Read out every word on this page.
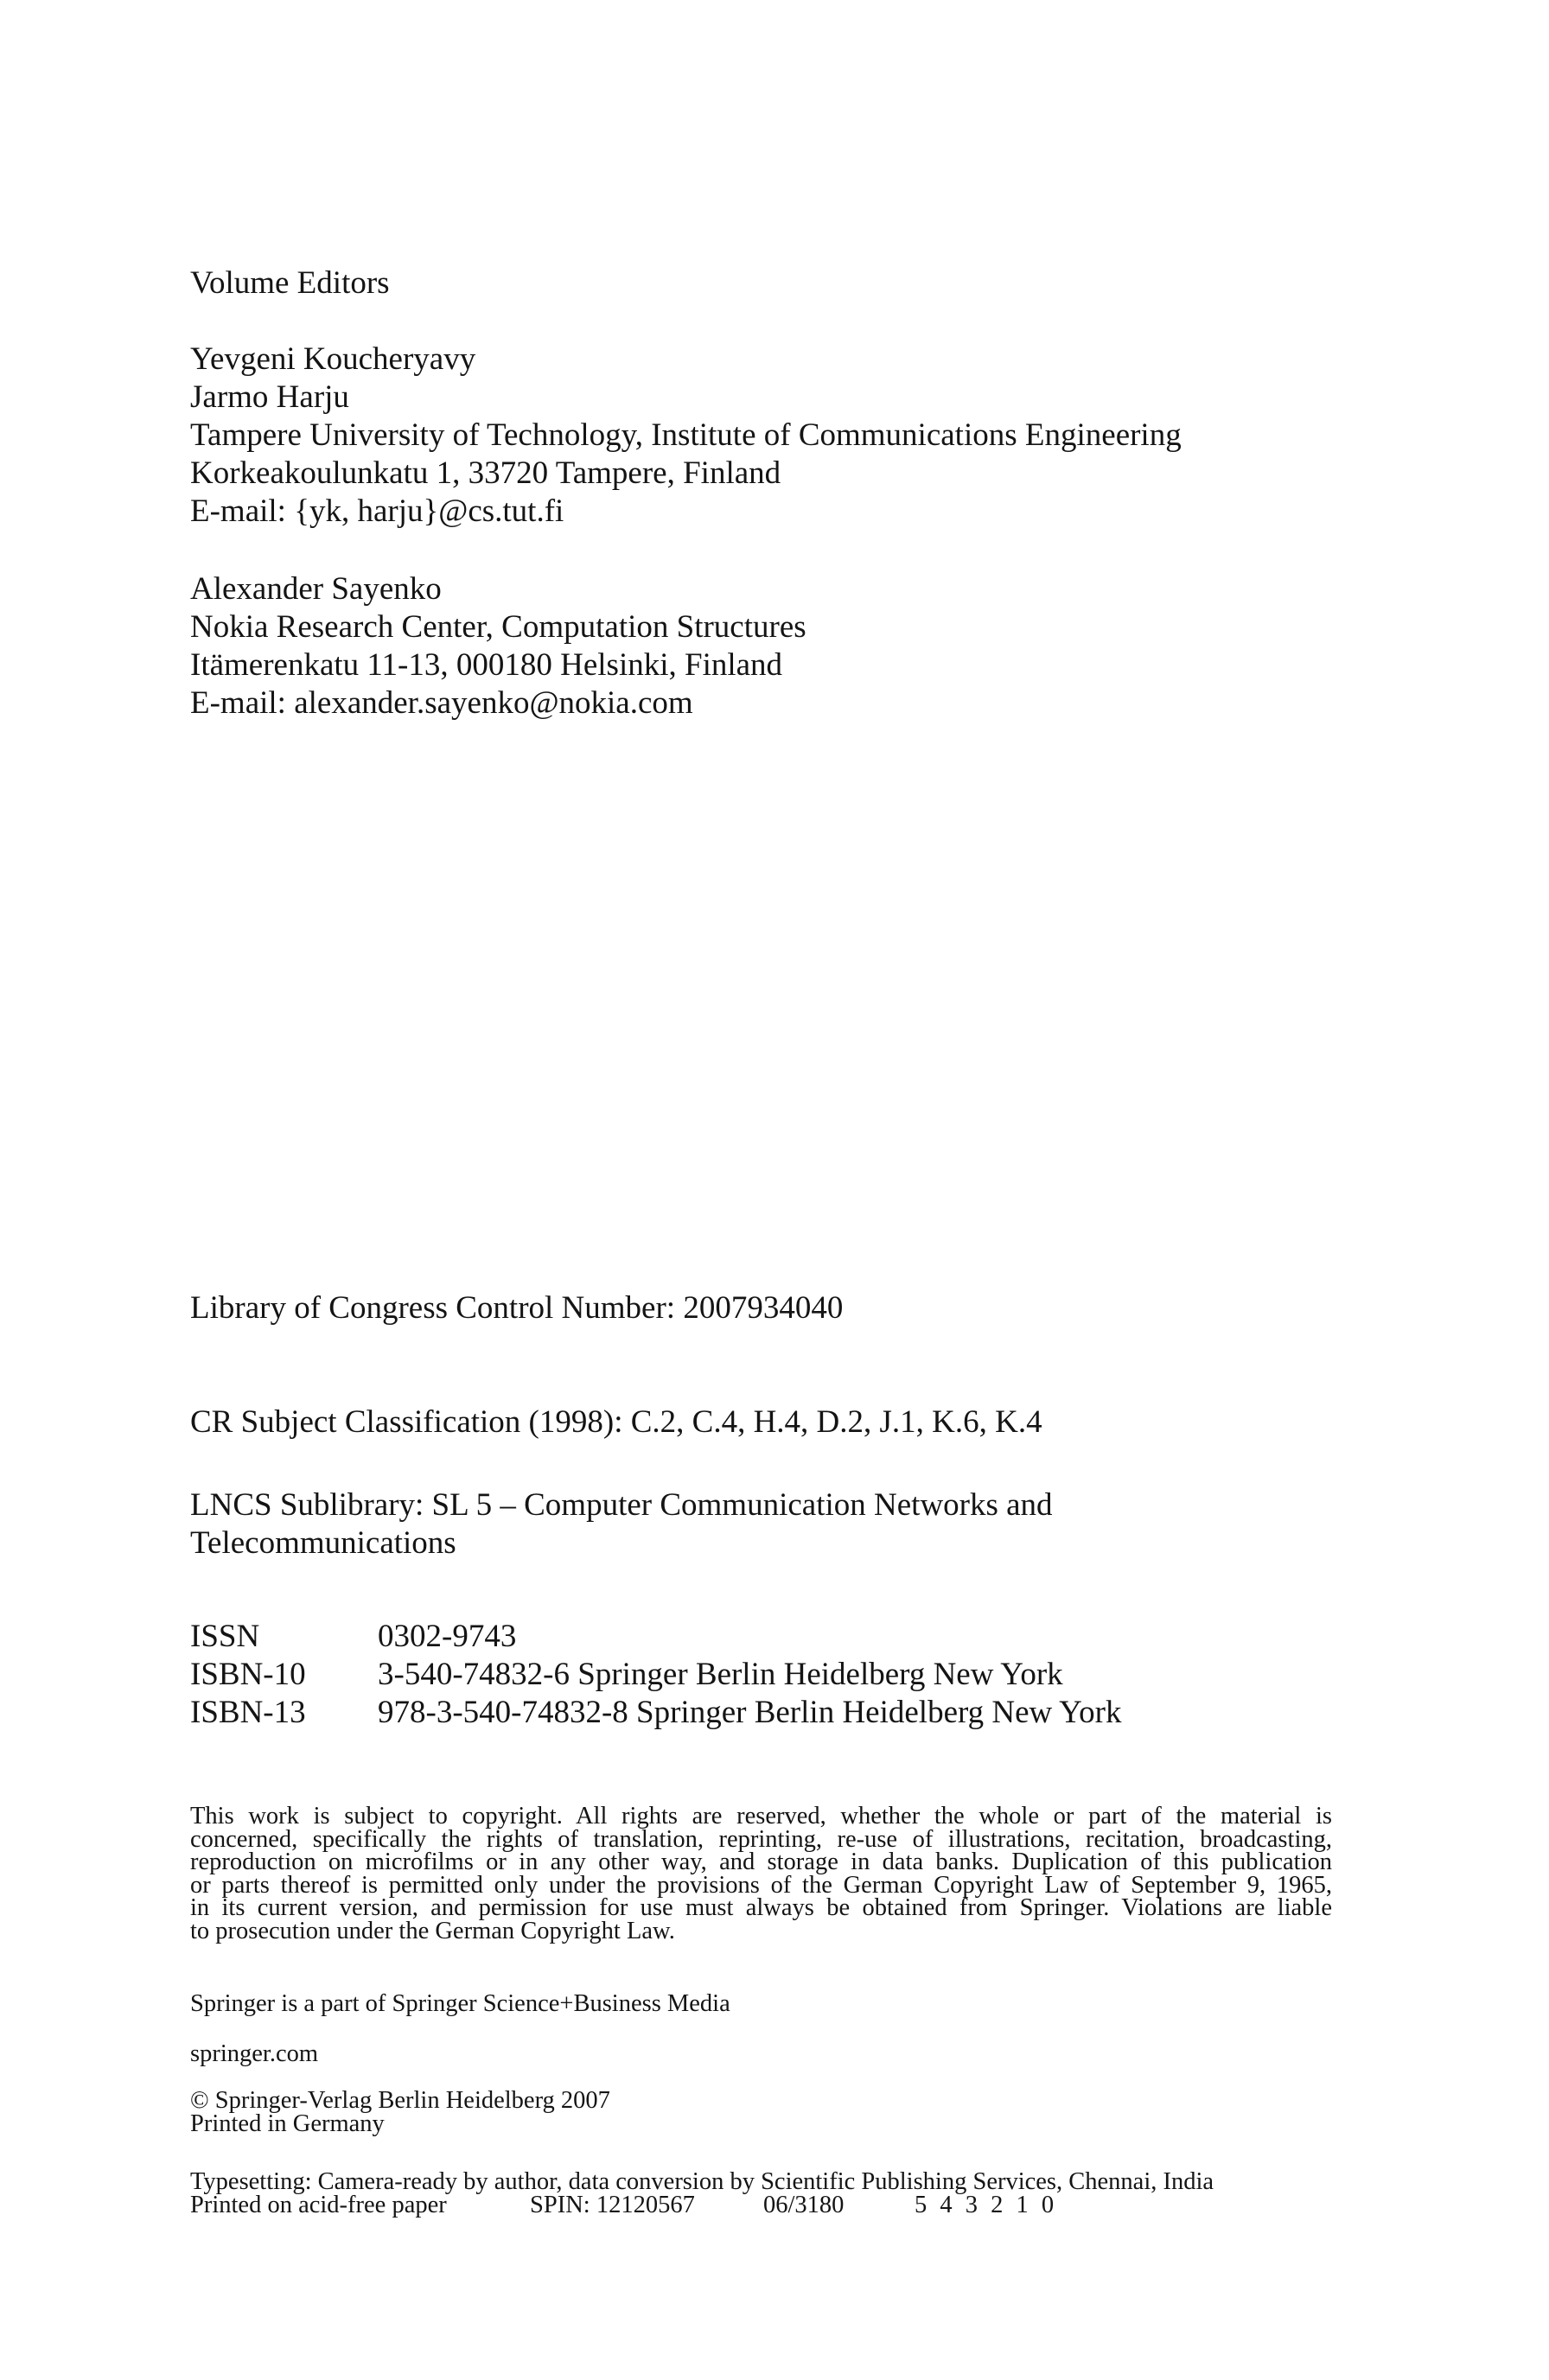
Volume Editors
Yevgeni Koucheryavy
Jarmo Harju
Tampere University of Technology, Institute of Communications Engineering
Korkeakoulunkatu 1, 33720 Tampere, Finland
E-mail: {yk, harju}@cs.tut.fi
Alexander Sayenko
Nokia Research Center, Computation Structures
Itämerenkatu 11-13, 000180 Helsinki, Finland
E-mail: alexander.sayenko@nokia.com
Library of Congress Control Number: 2007934040
CR Subject Classification (1998): C.2, C.4, H.4, D.2, J.1, K.6, K.4
LNCS Sublibrary: SL 5 – Computer Communication Networks and
Telecommunications
ISSN	0302-9743
ISBN-10	3-540-74832-6 Springer Berlin Heidelberg New York
ISBN-13	978-3-540-74832-8 Springer Berlin Heidelberg New York
This work is subject to copyright. All rights are reserved, whether the whole or part of the material is
concerned, specifically the rights of translation, reprinting, re-use of illustrations, recitation, broadcasting,
reproduction on microfilms or in any other way, and storage in data banks. Duplication of this publication
or parts thereof is permitted only under the provisions of the German Copyright Law of September 9, 1965,
in its current version, and permission for use must always be obtained from Springer. Violations are liable
to prosecution under the German Copyright Law.
Springer is a part of Springer Science+Business Media
springer.com
© Springer-Verlag Berlin Heidelberg 2007
Printed in Germany
Typesetting: Camera-ready by author, data conversion by Scientific Publishing Services, Chennai, India

Printed on acid-free paper

	SPIN: 12120567

	06/3180

	5 4 3 2 1 0
